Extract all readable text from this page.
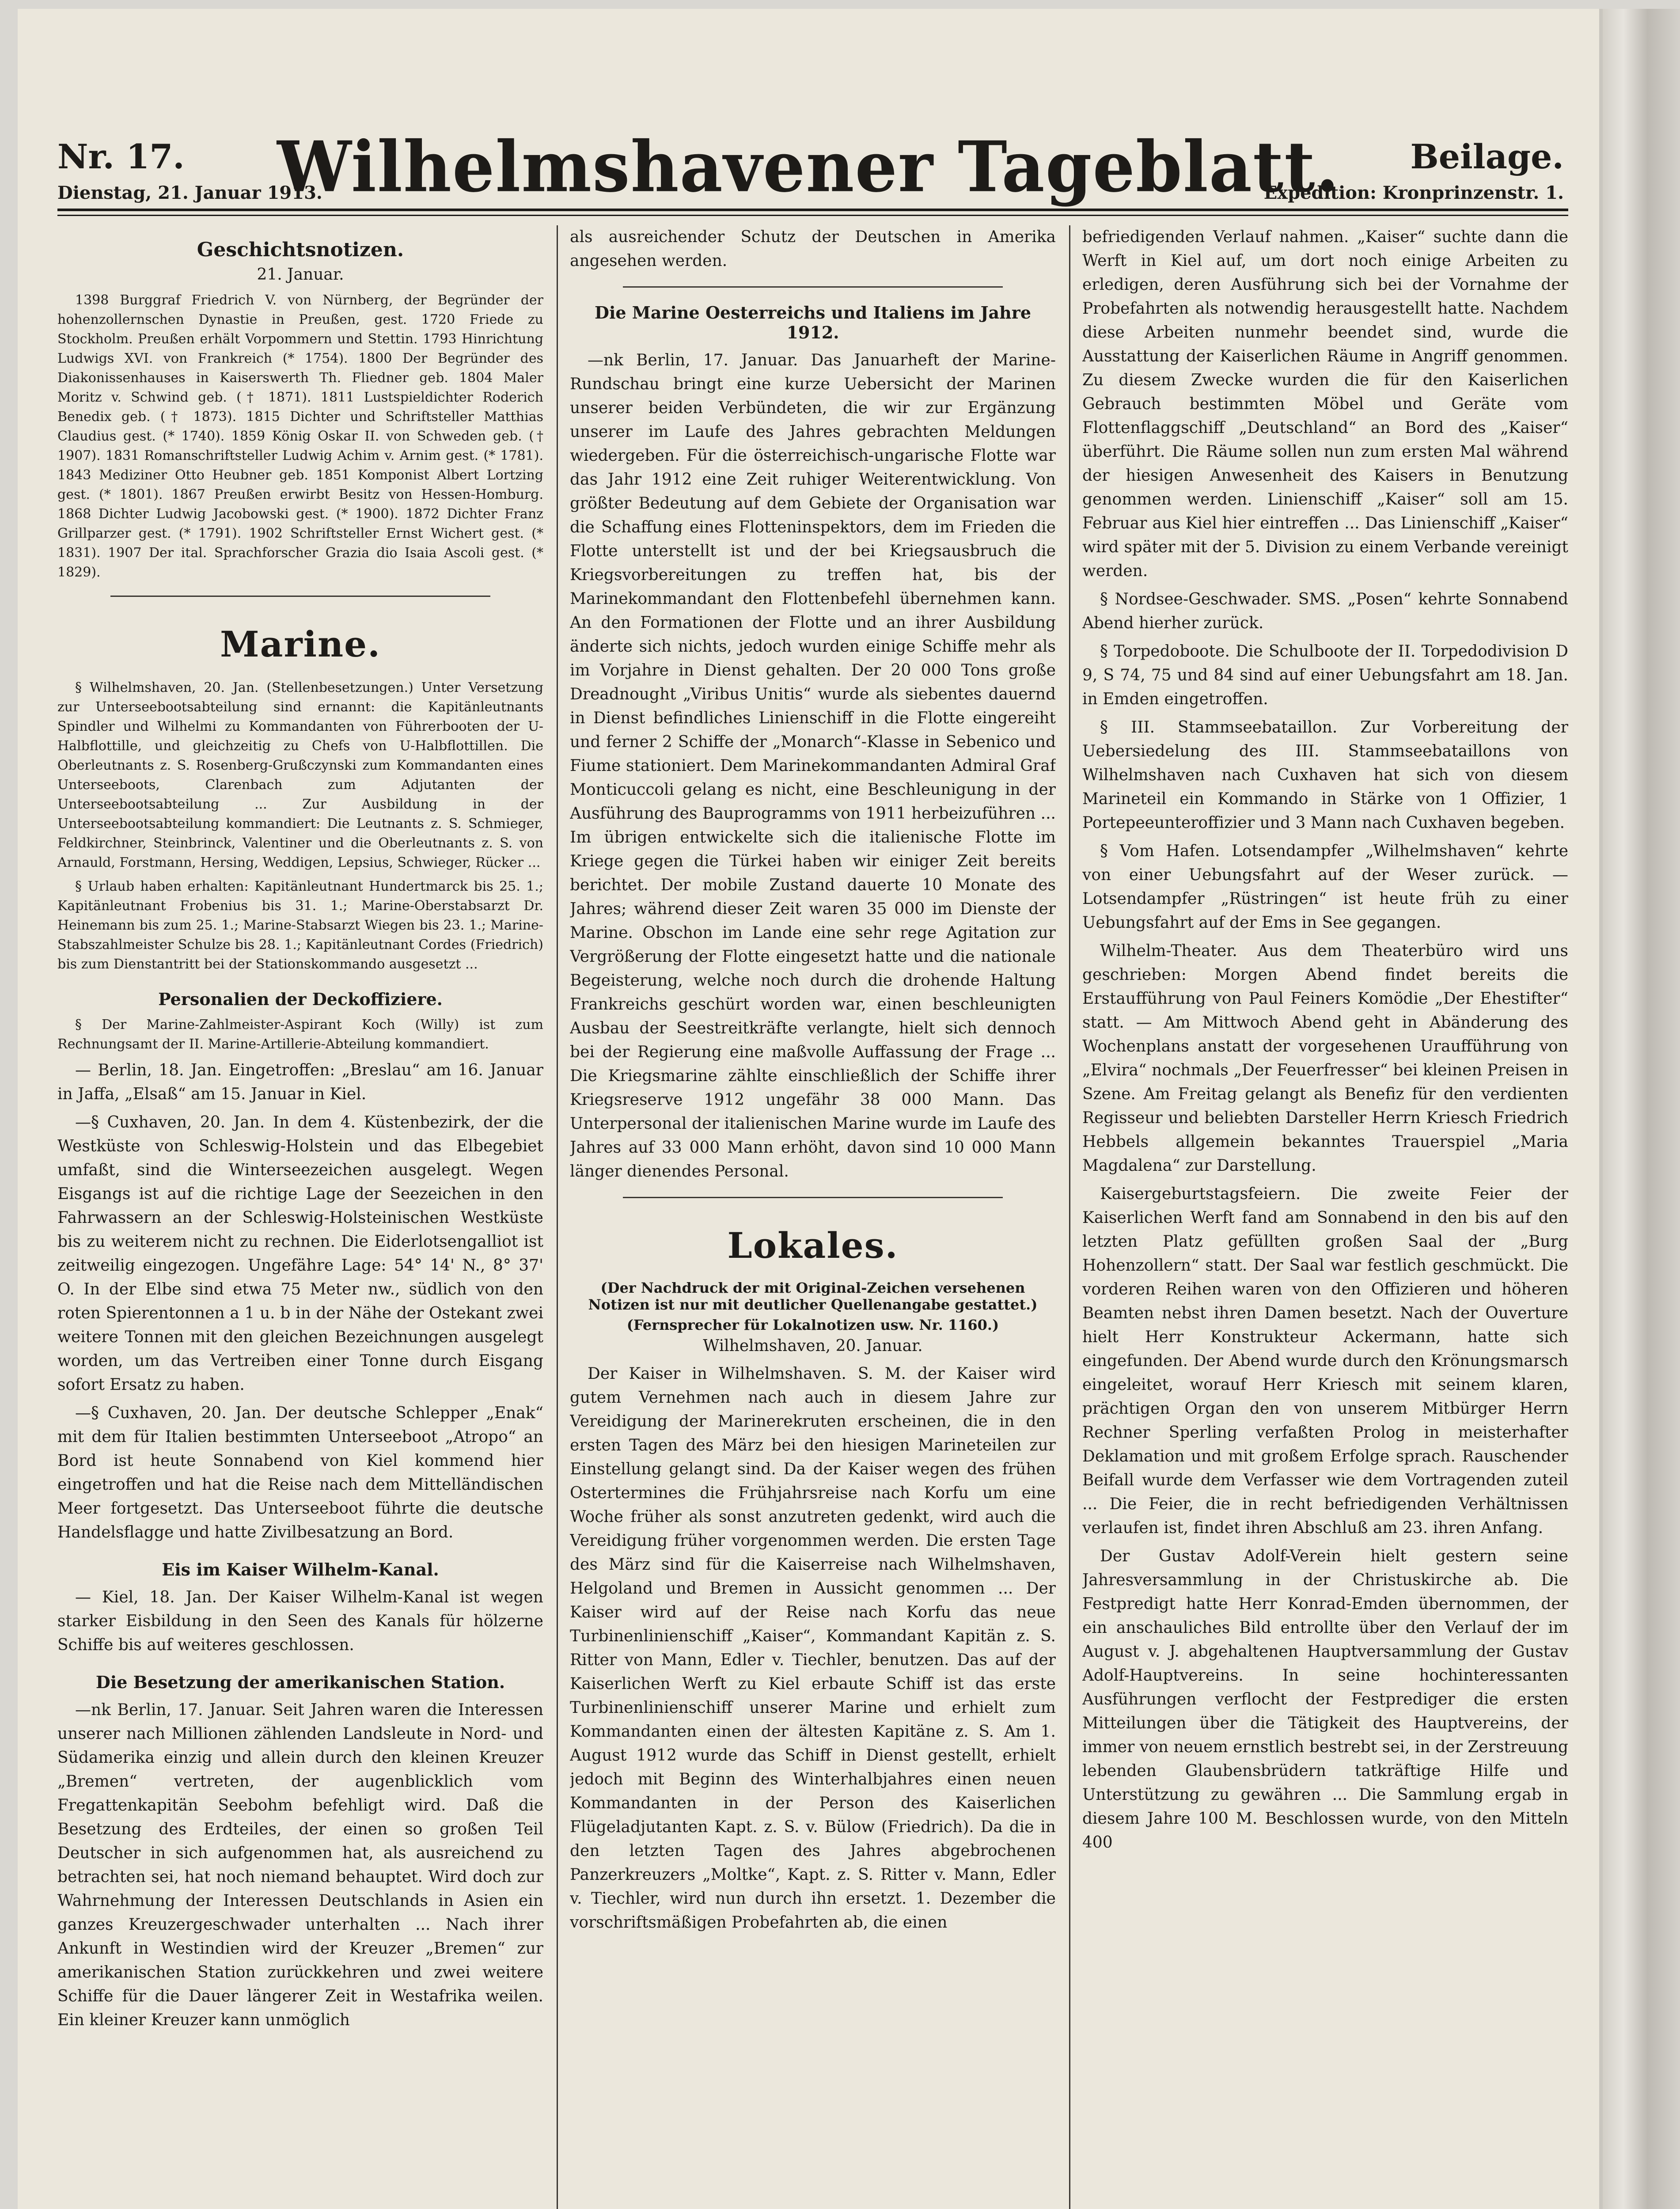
Nr. 17.
Dienstag, 21. Januar 1913.
Wilhelmshavener Tageblatt.	Beilage.
Expedition: Kronprinzenstr. 1.
Geschichtsnotizen.
21. Januar.

1398 Burggraf Friedrich V. von Nürnberg, der Begründer der hohenzollernschen Dynastie in Preußen, gest. 1720 Friede zu Stockholm. Preußen erhält Vorpommern und Stettin. 1793 Hinrichtung Ludwigs XVI. von Frankreich (* 1754). 1800 Der Begründer des Diakonissenhauses in Kaiserswerth Th. Fliedner geb. 1804 Maler Moritz v. Schwind geb. († 1871). 1811 Lustspieldichter Roderich Benedix geb. († 1873). 1815 Dichter und Schriftsteller Matthias Claudius gest. (* 1740). 1859 König Oskar II. von Schweden geb. († 1907). 1831 Romanschriftsteller Ludwig Achim v. Arnim gest. (* 1781). 1843 Mediziner Otto Heubner geb. 1851 Komponist Albert Lortzing gest. (* 1801). 1867 Preußen erwirbt Besitz von Hessen-Homburg. 1868 Dichter Ludwig Jacobowski gest. (* 1900). 1872 Dichter Franz Grillparzer gest. (* 1791). 1902 Schriftsteller Ernst Wichert gest. (* 1831). 1907 Der ital. Sprachforscher Grazia dio Isaia Ascoli gest. (* 1829).

Marine.

§ Wilhelmshaven, 20. Jan. (Stellenbesetzungen.) Unter Versetzung zur Unterseebootsabteilung sind ernannt: die Kapitänleutnants Spindler und Wilhelmi zu Kommandanten von Führerbooten der U-Halbflottille, und gleichzeitig zu Chefs von U-Halbflottillen. Die Oberleutnants z. S. Rosenberg-Grußczynski zum Kommandanten eines Unterseeboots, Clarenbach zum Adjutanten der Unterseebootsabteilung ... Zur Ausbildung in der Unterseebootsabteilung kommandiert: Die Leutnants z. S. Schmieger, Feldkirchner, Steinbrinck, Valentiner und die Oberleutnants z. S. von Arnauld, Forstmann, Hersing, Weddigen, Lepsius, Schwieger, Rücker ...

§ Urlaub haben erhalten: Kapitänleutnant Hundertmarck bis 25. 1.; Kapitänleutnant Frobenius bis 31. 1.; Marine-Oberstabsarzt Dr. Heinemann bis zum 25. 1.; Marine-Stabsarzt Wiegen bis 23. 1.; Marine-Stabszahlmeister Schulze bis 28. 1.; Kapitänleutnant Cordes (Friedrich) bis zum Dienstantritt bei der Stationskommando ausgesetzt ...

Personalien der Deckoffiziere.

§ Der Marine-Zahlmeister-Aspirant Koch (Willy) ist zum Rechnungsamt der II. Marine-Artillerie-Abteilung kommandiert.

— Berlin, 18. Jan. Eingetroffen: „Breslau“ am 16. Januar in Jaffa, „Elsaß“ am 15. Januar in Kiel.

—§ Cuxhaven, 20. Jan. In dem 4. Küstenbezirk, der die Westküste von Schleswig-Holstein und das Elbegebiet umfaßt, sind die Winterseezeichen ausgelegt. Wegen Eisgangs ist auf die richtige Lage der Seezeichen in den Fahrwassern an der Schleswig-Holsteinischen Westküste bis zu weiterem nicht zu rechnen. Die Eiderlotsengalliot ist zeitweilig eingezogen. Ungefähre Lage: 54° 14' N., 8° 37' O. In der Elbe sind etwa 75 Meter nw., südlich von den roten Spierentonnen a 1 u. b in der Nähe der Ostekant zwei weitere Tonnen mit den gleichen Bezeichnungen ausgelegt worden, um das Vertreiben einer Tonne durch Eisgang sofort Ersatz zu haben.

—§ Cuxhaven, 20. Jan. Der deutsche Schlepper „Enak“ mit dem für Italien bestimmten Unterseeboot „Atropo“ an Bord ist heute Sonnabend von Kiel kommend hier eingetroffen und hat die Reise nach dem Mittelländischen Meer fortgesetzt. Das Unterseeboot führte die deutsche Handelsflagge und hatte Zivilbesatzung an Bord.

Eis im Kaiser Wilhelm-Kanal.

— Kiel, 18. Jan. Der Kaiser Wilhelm-Kanal ist wegen starker Eisbildung in den Seen des Kanals für hölzerne Schiffe bis auf weiteres geschlossen.

Die Besetzung der amerikanischen Station.

—nk Berlin, 17. Januar. Seit Jahren waren die Interessen unserer nach Millionen zählenden Landsleute in Nord- und Südamerika einzig und allein durch den kleinen Kreuzer „Bremen“ vertreten, der augenblicklich vom Fregattenkapitän Seebohm befehligt wird. Daß die Besetzung des Erdteiles, der einen so großen Teil Deutscher in sich aufgenommen hat, als ausreichend zu betrachten sei, hat noch niemand behauptet. Wird doch zur Wahrnehmung der Interessen Deutschlands in Asien ein ganzes Kreuzergeschwader unterhalten ... Nach ihrer Ankunft in Westindien wird der Kreuzer „Bremen“ zur amerikanischen Station zurückkehren und zwei weitere Schiffe für die Dauer längerer Zeit in Westafrika weilen. Ein kleiner Kreuzer kann unmöglich

als ausreichender Schutz der Deutschen in Amerika angesehen werden.

Die Marine Oesterreichs und Italiens im Jahre 1912.

—nk Berlin, 17. Januar. Das Januarheft der Marine-Rundschau bringt eine kurze Uebersicht der Marinen unserer beiden Verbündeten, die wir zur Ergänzung unserer im Laufe des Jahres gebrachten Meldungen wiedergeben. Für die österreichisch-ungarische Flotte war das Jahr 1912 eine Zeit ruhiger Weiterentwicklung. Von größter Bedeutung auf dem Gebiete der Organisation war die Schaffung eines Flotteninspektors, dem im Frieden die Flotte unterstellt ist und der bei Kriegsausbruch die Kriegsvorbereitungen zu treffen hat, bis der Marinekommandant den Flottenbefehl übernehmen kann. An den Formationen der Flotte und an ihrer Ausbildung änderte sich nichts, jedoch wurden einige Schiffe mehr als im Vorjahre in Dienst gehalten. Der 20 000 Tons große Dreadnought „Viribus Unitis“ wurde als siebentes dauernd in Dienst befindliches Linienschiff in die Flotte eingereiht und ferner 2 Schiffe der „Monarch“-Klasse in Sebenico und Fiume stationiert. Dem Marinekommandanten Admiral Graf Monticuccoli gelang es nicht, eine Beschleunigung in der Ausführung des Bauprogramms von 1911 herbeizuführen ... Im übrigen entwickelte sich die italienische Flotte im Kriege gegen die Türkei haben wir einiger Zeit bereits berichtet. Der mobile Zustand dauerte 10 Monate des Jahres; während dieser Zeit waren 35 000 im Dienste der Marine. Obschon im Lande eine sehr rege Agitation zur Vergrößerung der Flotte eingesetzt hatte und die nationale Begeisterung, welche noch durch die drohende Haltung Frankreichs geschürt worden war, einen beschleunigten Ausbau der Seestreitkräfte verlangte, hielt sich dennoch bei der Regierung eine maßvolle Auffassung der Frage ... Die Kriegsmarine zählte einschließlich der Schiffe ihrer Kriegsreserve 1912 ungefähr 38 000 Mann. Das Unterpersonal der italienischen Marine wurde im Laufe des Jahres auf 33 000 Mann erhöht, davon sind 10 000 Mann länger dienendes Personal.

Lokales.
(Der Nachdruck der mit Original-Zeichen versehenen Notizen ist nur mit deutlicher Quellenangabe gestattet.)
(Fernsprecher für Lokalnotizen usw. Nr. 1160.)
Wilhelmshaven, 20. Januar.

Der Kaiser in Wilhelmshaven. S. M. der Kaiser wird gutem Vernehmen nach auch in diesem Jahre zur Vereidigung der Marinerekruten erscheinen, die in den ersten Tagen des März bei den hiesigen Marineteilen zur Einstellung gelangt sind. Da der Kaiser wegen des frühen Ostertermines die Frühjahrsreise nach Korfu um eine Woche früher als sonst anzutreten gedenkt, wird auch die Vereidigung früher vorgenommen werden. Die ersten Tage des März sind für die Kaiserreise nach Wilhelmshaven, Helgoland und Bremen in Aussicht genommen ... Der Kaiser wird auf der Reise nach Korfu das neue Turbinenlinienschiff „Kaiser“, Kommandant Kapitän z. S. Ritter von Mann, Edler v. Tiechler, benutzen. Das auf der Kaiserlichen Werft zu Kiel erbaute Schiff ist das erste Turbinenlinienschiff unserer Marine und erhielt zum Kommandanten einen der ältesten Kapitäne z. S. Am 1. August 1912 wurde das Schiff in Dienst gestellt, erhielt jedoch mit Beginn des Winterhalbjahres einen neuen Kommandanten in der Person des Kaiserlichen Flügeladjutanten Kapt. z. S. v. Bülow (Friedrich). Da die in den letzten Tagen des Jahres abgebrochenen Panzerkreuzers „Moltke“, Kapt. z. S. Ritter v. Mann, Edler v. Tiechler, wird nun durch ihn ersetzt. 1. Dezember die vorschriftsmäßigen Probefahrten ab, die einen

befriedigenden Verlauf nahmen. „Kaiser“ suchte dann die Werft in Kiel auf, um dort noch einige Arbeiten zu erledigen, deren Ausführung sich bei der Vornahme der Probefahrten als notwendig herausgestellt hatte. Nachdem diese Arbeiten nunmehr beendet sind, wurde die Ausstattung der Kaiserlichen Räume in Angriff genommen. Zu diesem Zwecke wurden die für den Kaiserlichen Gebrauch bestimmten Möbel und Geräte vom Flottenflaggschiff „Deutschland“ an Bord des „Kaiser“ überführt. Die Räume sollen nun zum ersten Mal während der hiesigen Anwesenheit des Kaisers in Benutzung genommen werden. Linienschiff „Kaiser“ soll am 15. Februar aus Kiel hier eintreffen ... Das Linienschiff „Kaiser“ wird später mit der 5. Division zu einem Verbande vereinigt werden.

§ Nordsee-Geschwader. SMS. „Posen“ kehrte Sonnabend Abend hierher zurück.

§ Torpedoboote. Die Schulboote der II. Torpedodivision D 9, S 74, 75 und 84 sind auf einer Uebungsfahrt am 18. Jan. in Emden eingetroffen.

§ III. Stammseebataillon. Zur Vorbereitung der Uebersiedelung des III. Stammseebataillons von Wilhelmshaven nach Cuxhaven hat sich von diesem Marineteil ein Kommando in Stärke von 1 Offizier, 1 Portepeeunteroffizier und 3 Mann nach Cuxhaven begeben.

§ Vom Hafen. Lotsendampfer „Wilhelmshaven“ kehrte von einer Uebungsfahrt auf der Weser zurück. — Lotsendampfer „Rüstringen“ ist heute früh zu einer Uebungsfahrt auf der Ems in See gegangen.

Wilhelm-Theater. Aus dem Theaterbüro wird uns geschrieben: Morgen Abend findet bereits die Erstaufführung von Paul Feiners Komödie „Der Ehestifter“ statt. — Am Mittwoch Abend geht in Abänderung des Wochenplans anstatt der vorgesehenen Uraufführung von „Elvira“ nochmals „Der Feuerfresser“ bei kleinen Preisen in Szene. Am Freitag gelangt als Benefiz für den verdienten Regisseur und beliebten Darsteller Herrn Kriesch Friedrich Hebbels allgemein bekanntes Trauerspiel „Maria Magdalena“ zur Darstellung.

Kaisergeburtstagsfeiern. Die zweite Feier der Kaiserlichen Werft fand am Sonnabend in den bis auf den letzten Platz gefüllten großen Saal der „Burg Hohenzollern“ statt. Der Saal war festlich geschmückt. Die vorderen Reihen waren von den Offizieren und höheren Beamten nebst ihren Damen besetzt. Nach der Ouverture hielt Herr Konstrukteur Ackermann, hatte sich eingefunden. Der Abend wurde durch den Krönungsmarsch eingeleitet, worauf Herr Kriesch mit seinem klaren, prächtigen Organ den von unserem Mitbürger Herrn Rechner Sperling verfaßten Prolog in meisterhafter Deklamation und mit großem Erfolge sprach. Rauschender Beifall wurde dem Verfasser wie dem Vortragenden zuteil ... Die Feier, die in recht befriedigenden Verhältnissen verlaufen ist, findet ihren Abschluß am 23. ihren Anfang.

Der Gustav Adolf-Verein hielt gestern seine Jahresversammlung in der Christuskirche ab. Die Festpredigt hatte Herr Konrad-Emden übernommen, der ein anschauliches Bild entrollte über den Verlauf der im August v. J. abgehaltenen Hauptversammlung der Gustav Adolf-Hauptvereins. In seine hochinteressanten Ausführungen verflocht der Festprediger die ersten Mitteilungen über die Tätigkeit des Hauptvereins, der immer von neuem ernstlich bestrebt sei, in der Zerstreuung lebenden Glaubensbrüdern tatkräftige Hilfe und Unterstützung zu gewähren ... Die Sammlung ergab in diesem Jahre 100 M. Beschlossen wurde, von den Mitteln 400
